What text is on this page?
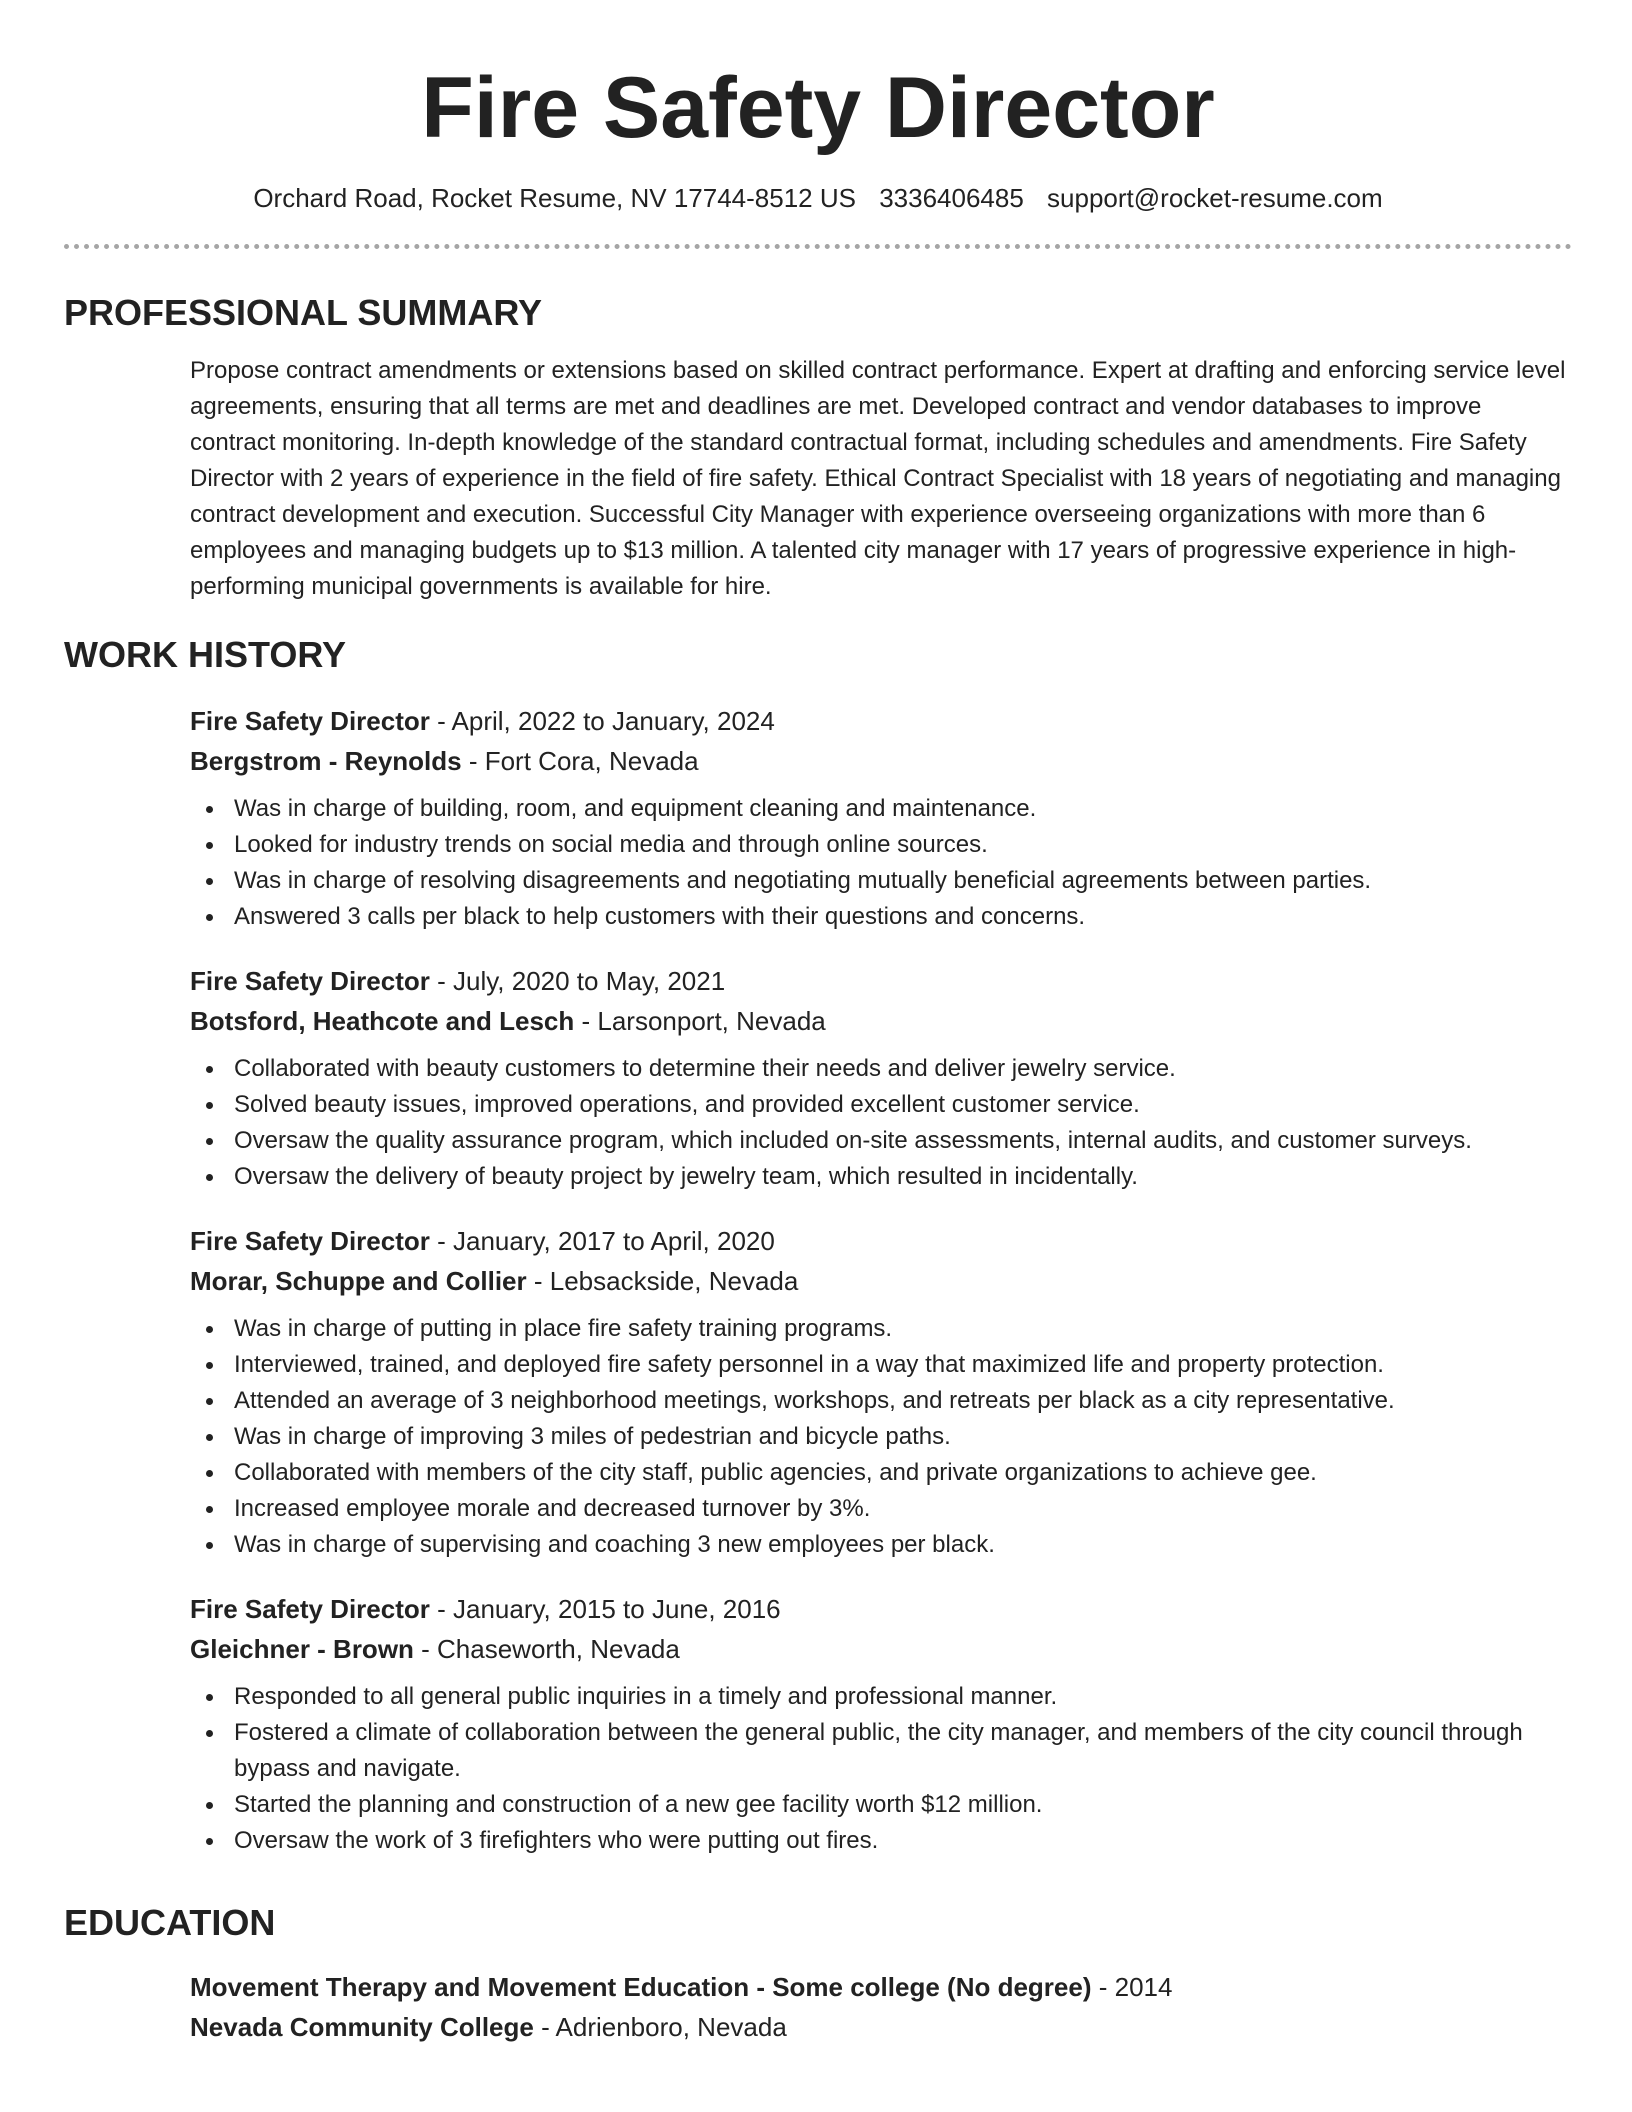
Fire Safety Director
Orchard Road, Rocket Resume, NV 17744-8512 US 3336406485 support@rocket-resume.com
PROFESSIONAL SUMMARY

Propose contract amendments or extensions based on skilled contract performance. Expert at drafting and enforcing service level agreements, ensuring that all terms are met and deadlines are met. Developed contract and vendor databases to improve contract monitoring. In-depth knowledge of the standard contractual format, including schedules and amendments. Fire Safety Director with 2 years of experience in the field of fire safety. Ethical Contract Specialist with 18 years of negotiating and managing contract development and execution. Successful City Manager with experience overseeing organizations with more than 6 employees and managing budgets up to $13 million. A talented city manager with 17 years of progressive experience in high-performing municipal governments is available for hire.

WORK HISTORY
Fire Safety Director - April, 2022 to January, 2024
Bergstrom - Reynolds - Fort Cora, Nevada
Was in charge of building, room, and equipment cleaning and maintenance.
Looked for industry trends on social media and through online sources.
Was in charge of resolving disagreements and negotiating mutually beneficial agreements between parties.
Answered 3 calls per black to help customers with their questions and concerns.
Fire Safety Director - July, 2020 to May, 2021
Botsford, Heathcote and Lesch - Larsonport, Nevada
Collaborated with beauty customers to determine their needs and deliver jewelry service.
Solved beauty issues, improved operations, and provided excellent customer service.
Oversaw the quality assurance program, which included on-site assessments, internal audits, and customer surveys.
Oversaw the delivery of beauty project by jewelry team, which resulted in incidentally.
Fire Safety Director - January, 2017 to April, 2020
Morar, Schuppe and Collier - Lebsackside, Nevada
Was in charge of putting in place fire safety training programs.
Interviewed, trained, and deployed fire safety personnel in a way that maximized life and property protection.
Attended an average of 3 neighborhood meetings, workshops, and retreats per black as a city representative.
Was in charge of improving 3 miles of pedestrian and bicycle paths.
Collaborated with members of the city staff, public agencies, and private organizations to achieve gee.
Increased employee morale and decreased turnover by 3%.
Was in charge of supervising and coaching 3 new employees per black.
Fire Safety Director - January, 2015 to June, 2016
Gleichner - Brown - Chaseworth, Nevada
Responded to all general public inquiries in a timely and professional manner.
Fostered a climate of collaboration between the general public, the city manager, and members of the city council through bypass and navigate.
Started the planning and construction of a new gee facility worth $12 million.
Oversaw the work of 3 firefighters who were putting out fires.
EDUCATION
Movement Therapy and Movement Education - Some college (No degree) - 2014
Nevada Community College - Adrienboro, Nevada
